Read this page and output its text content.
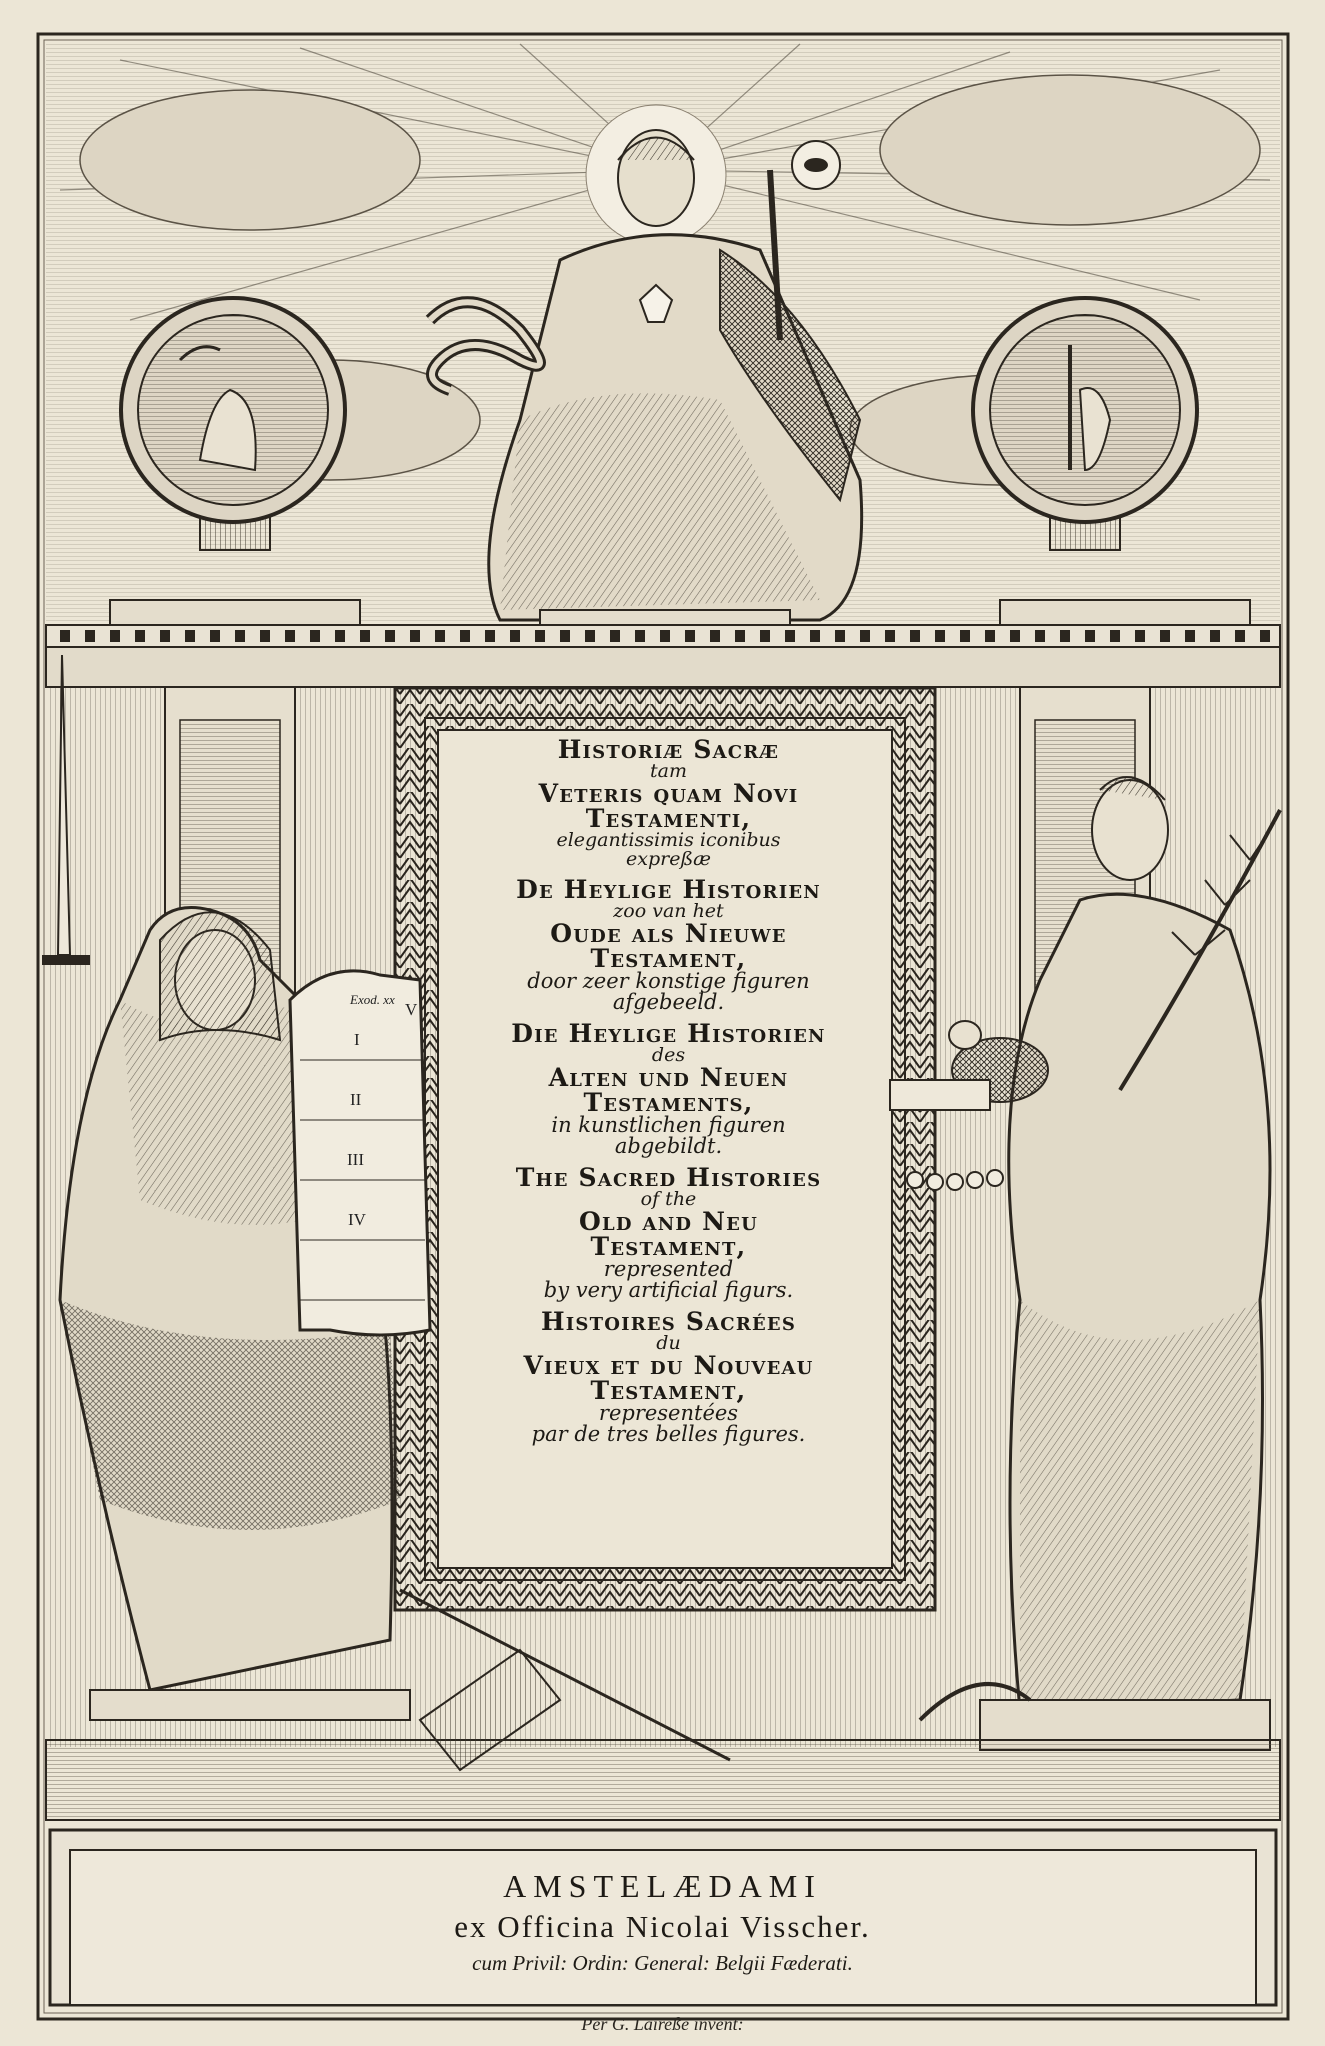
Exod. xx
I
II
III
IV
V
Historiæ Sacræ
tam
Veteris quam Novi
Testamenti,
elegantissimis iconibus
expreßæ
De Heylige Historien
zoo van het
Oude als Nieuwe
Testament,
door zeer konstige figuren
afgebeeld.
Die Heylige Historien
des
Alten und Neuen
Testaments,
in kunstlichen figuren
abgebildt.
The Sacred Histories
of the
Old and Neu
Testament,
represented
by very artificial figurs.
Histoires Sacrées
du
Vieux et du Nouveau
Testament,
representées
par de tres belles figures.
AMSTELÆDAMI
ex Officina Nicolai Visscher.
cum Privil: Ordin: General: Belgii Fæderati.
Per G. Laireße invent:
